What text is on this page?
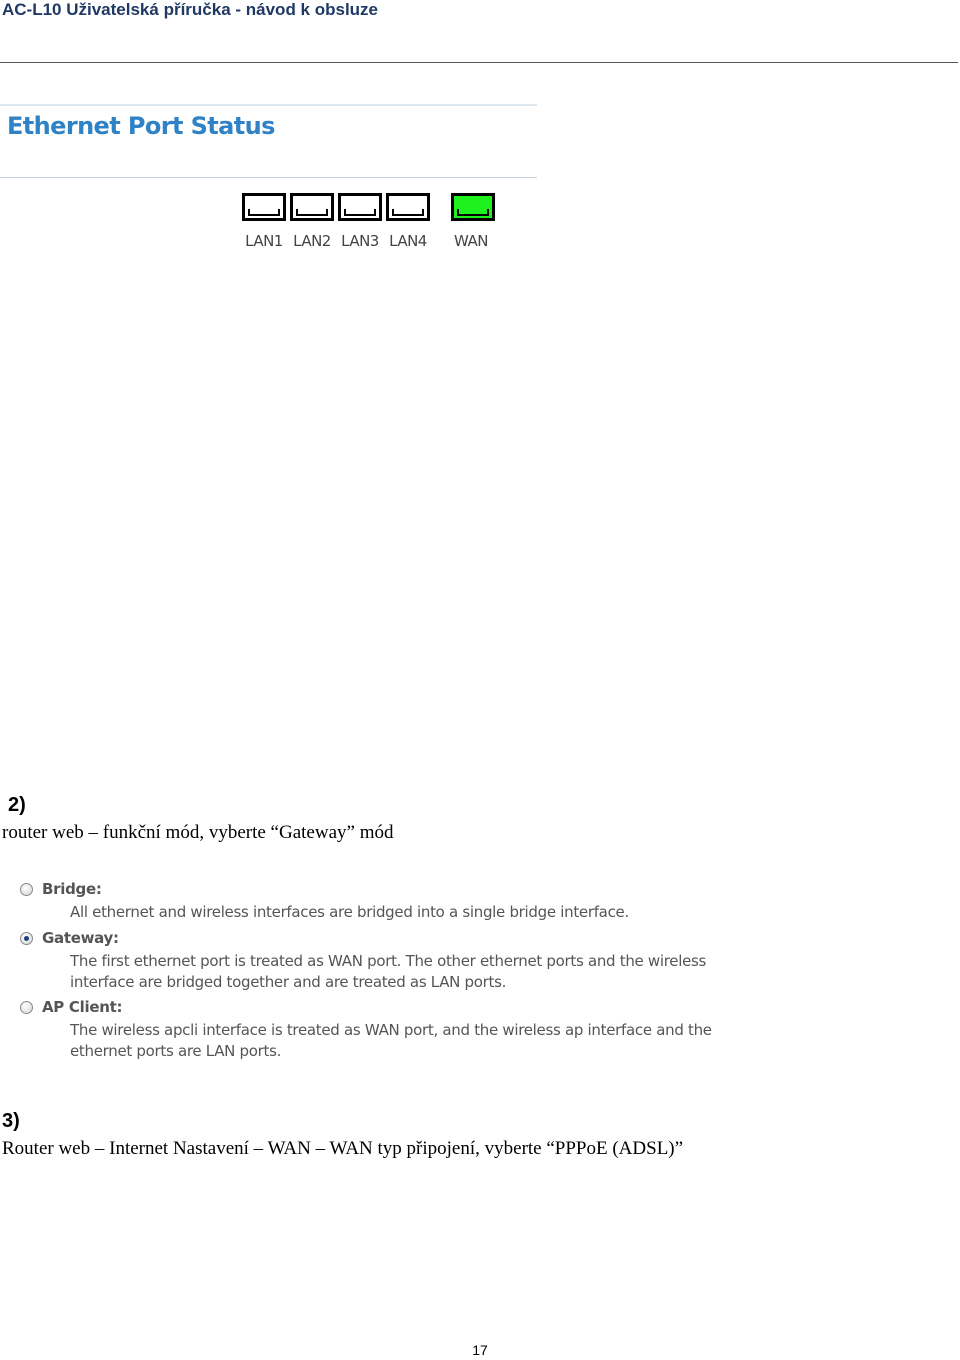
AC-L10 Uživatelská příručka - návod k obsluze
Ethernet Port Status
LAN1 LAN2 LAN3 LAN4	WAN
2)
router web – funkční mód, vyberte “Gateway” mód
Bridge:
All ethernet and wireless interfaces are bridged into a single bridge interface.
Gateway:
The first ethernet port is treated as WAN port. The other ethernet ports and the wireless
interface are bridged together and are treated as LAN ports.
AP Client:
The wireless apcli interface is treated as WAN port, and the wireless ap interface and the
ethernet ports are LAN ports.
3)
Router web – Internet Nastavení – WAN – WAN typ připojení, vyberte “PPPoE (ADSL)”
17
